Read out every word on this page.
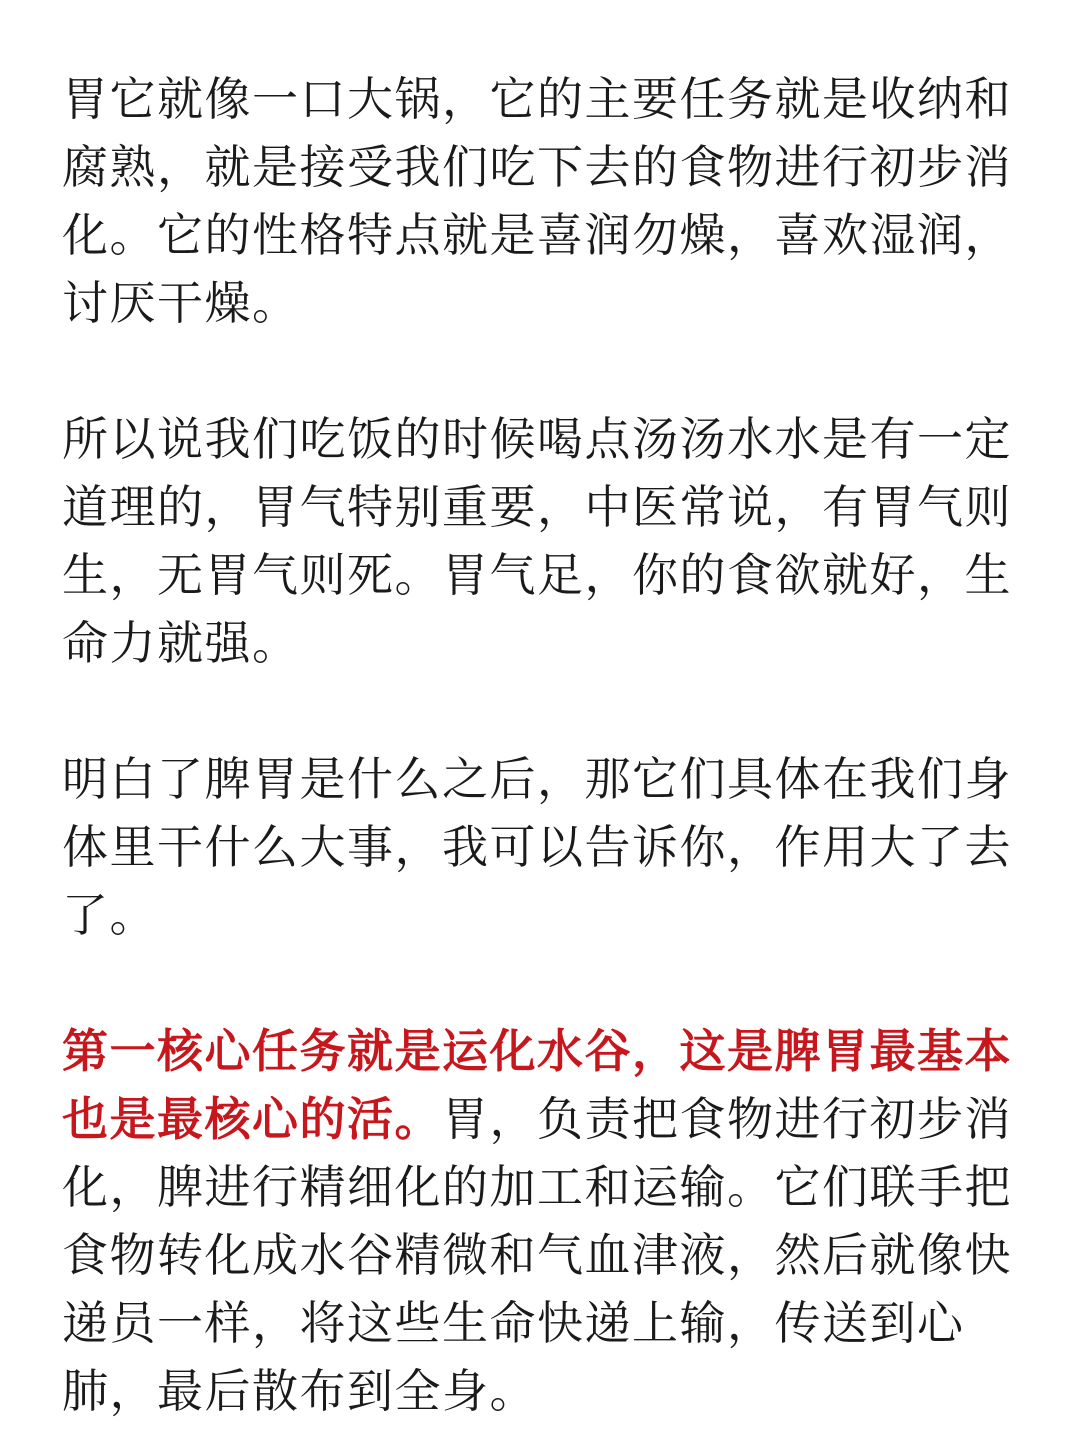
胃它就像一口大锅，它的主要任务就是收纳和腐熟，就是接受我们吃下去的食物进行初步消化。它的性格特点就是喜润勿燥，喜欢湿润，讨厌干燥。

所以说我们吃饭的时候喝点汤汤水水是有一定道理的，胃气特别重要，中医常说，有胃气则生，无胃气则死。胃气足，你的食欲就好，生命力就强。

明白了脾胃是什么之后，那它们具体在我们身体里干什么大事，我可以告诉你，作用大了去了。

第一核心任务就是运化水谷，这是脾胃最基本也是最核心的活。胃，负责把食物进行初步消化，脾进行精细化的加工和运输。它们联手把食物转化成水谷精微和气血津液，然后就像快递员一样，将这些生命快递上输，传送到心肺，最后散布到全身。
